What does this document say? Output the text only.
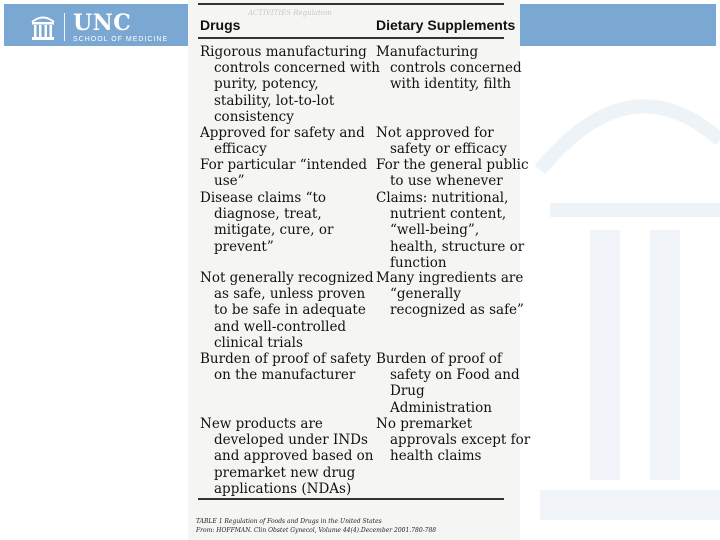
UNC
SCHOOL OF MEDICINE
ACTIVITIES Regulation
Drugs	Dietary Supplements
Rigorous manufacturing
controls concerned with
purity, potency,
stability, lot-to-lot
consistency
Approved for safety and
efficacy
For particular “intended
use”
Disease claims “to
diagnose, treat,
mitigate, cure, or
prevent”
Not generally recognized
as safe, unless proven
to be safe in adequate
and well-controlled
clinical trials
Burden of proof of safety
on the manufacturer
New products are
developed under INDs
and approved based on
premarket new drug
applications (NDAs)
Manufacturing
controls concerned
with identity, filth
Not approved for
safety or efficacy
For the general public
to use whenever
Claims: nutritional,
nutrient content,
“well-being”,
health, structure or
function
Many ingredients are
“generally
recognized as safe”
Burden of proof of
safety on Food and
Drug
Administration
No premarket
approvals except for
health claims
TABLE 1 Regulation of Foods and Drugs in the United States
From: HOFFMAN. Clin Obstet Gynecol, Volume 44(4).December 2001.780-788
